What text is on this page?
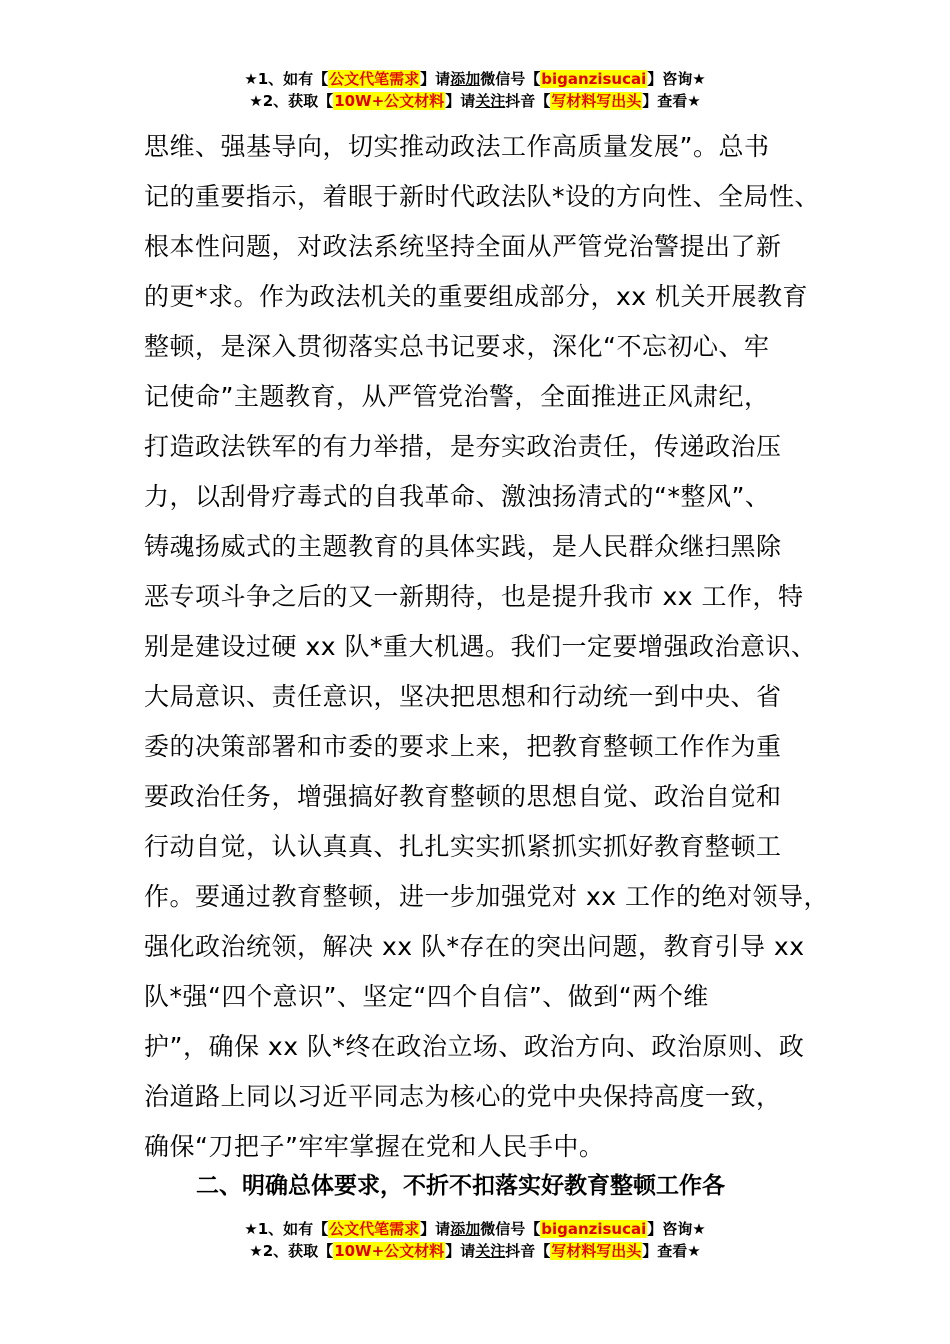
★1、如有【公文代笔需求】请添加微信号【biganzisucai】咨询★
★2、获取【10W+公文材料】请关注抖音【写材料写出头】查看★
思维、强基导向，切实推动政法工作高质量发展”。总书
记的重要指示，着眼于新时代政法队*设的方向性、全局性、
根本性问题，对政法系统坚持全面从严管党治警提出了新
的更*求。作为政法机关的重要组成部分，xx 机关开展教育
整顿，是深入贯彻落实总书记要求，深化“不忘初心、牢
记使命”主题教育，从严管党治警，全面推进正风肃纪，
打造政法铁军的有力举措，是夯实政治责任，传递政治压
力，以刮骨疗毒式的自我革命、激浊扬清式的“*整风”、
铸魂扬威式的主题教育的具体实践，是人民群众继扫黑除
恶专项斗争之后的又一新期待，也是提升我市 xx 工作，特
别是建设过硬 xx 队*重大机遇。我们一定要增强政治意识、
大局意识、责任意识，坚决把思想和行动统一到中央、省
委的决策部署和市委的要求上来，把教育整顿工作作为重
要政治任务，增强搞好教育整顿的思想自觉、政治自觉和
行动自觉，认认真真、扎扎实实抓紧抓实抓好教育整顿工
作。要通过教育整顿，进一步加强党对 xx 工作的绝对领导，
强化政治统领，解决 xx 队*存在的突出问题，教育引导 xx
队*强“四个意识”、坚定“四个自信”、做到“两个维
护”，确保 xx 队*终在政治立场、政治方向、政治原则、政
治道路上同以习近平同志为核心的党中央保持高度一致，
确保“刀把子”牢牢掌握在党和人民手中。
二、明确总体要求，不折不扣落实好教育整顿工作各
★1、如有【公文代笔需求】请添加微信号【biganzisucai】咨询★
★2、获取【10W+公文材料】请关注抖音【写材料写出头】查看★
